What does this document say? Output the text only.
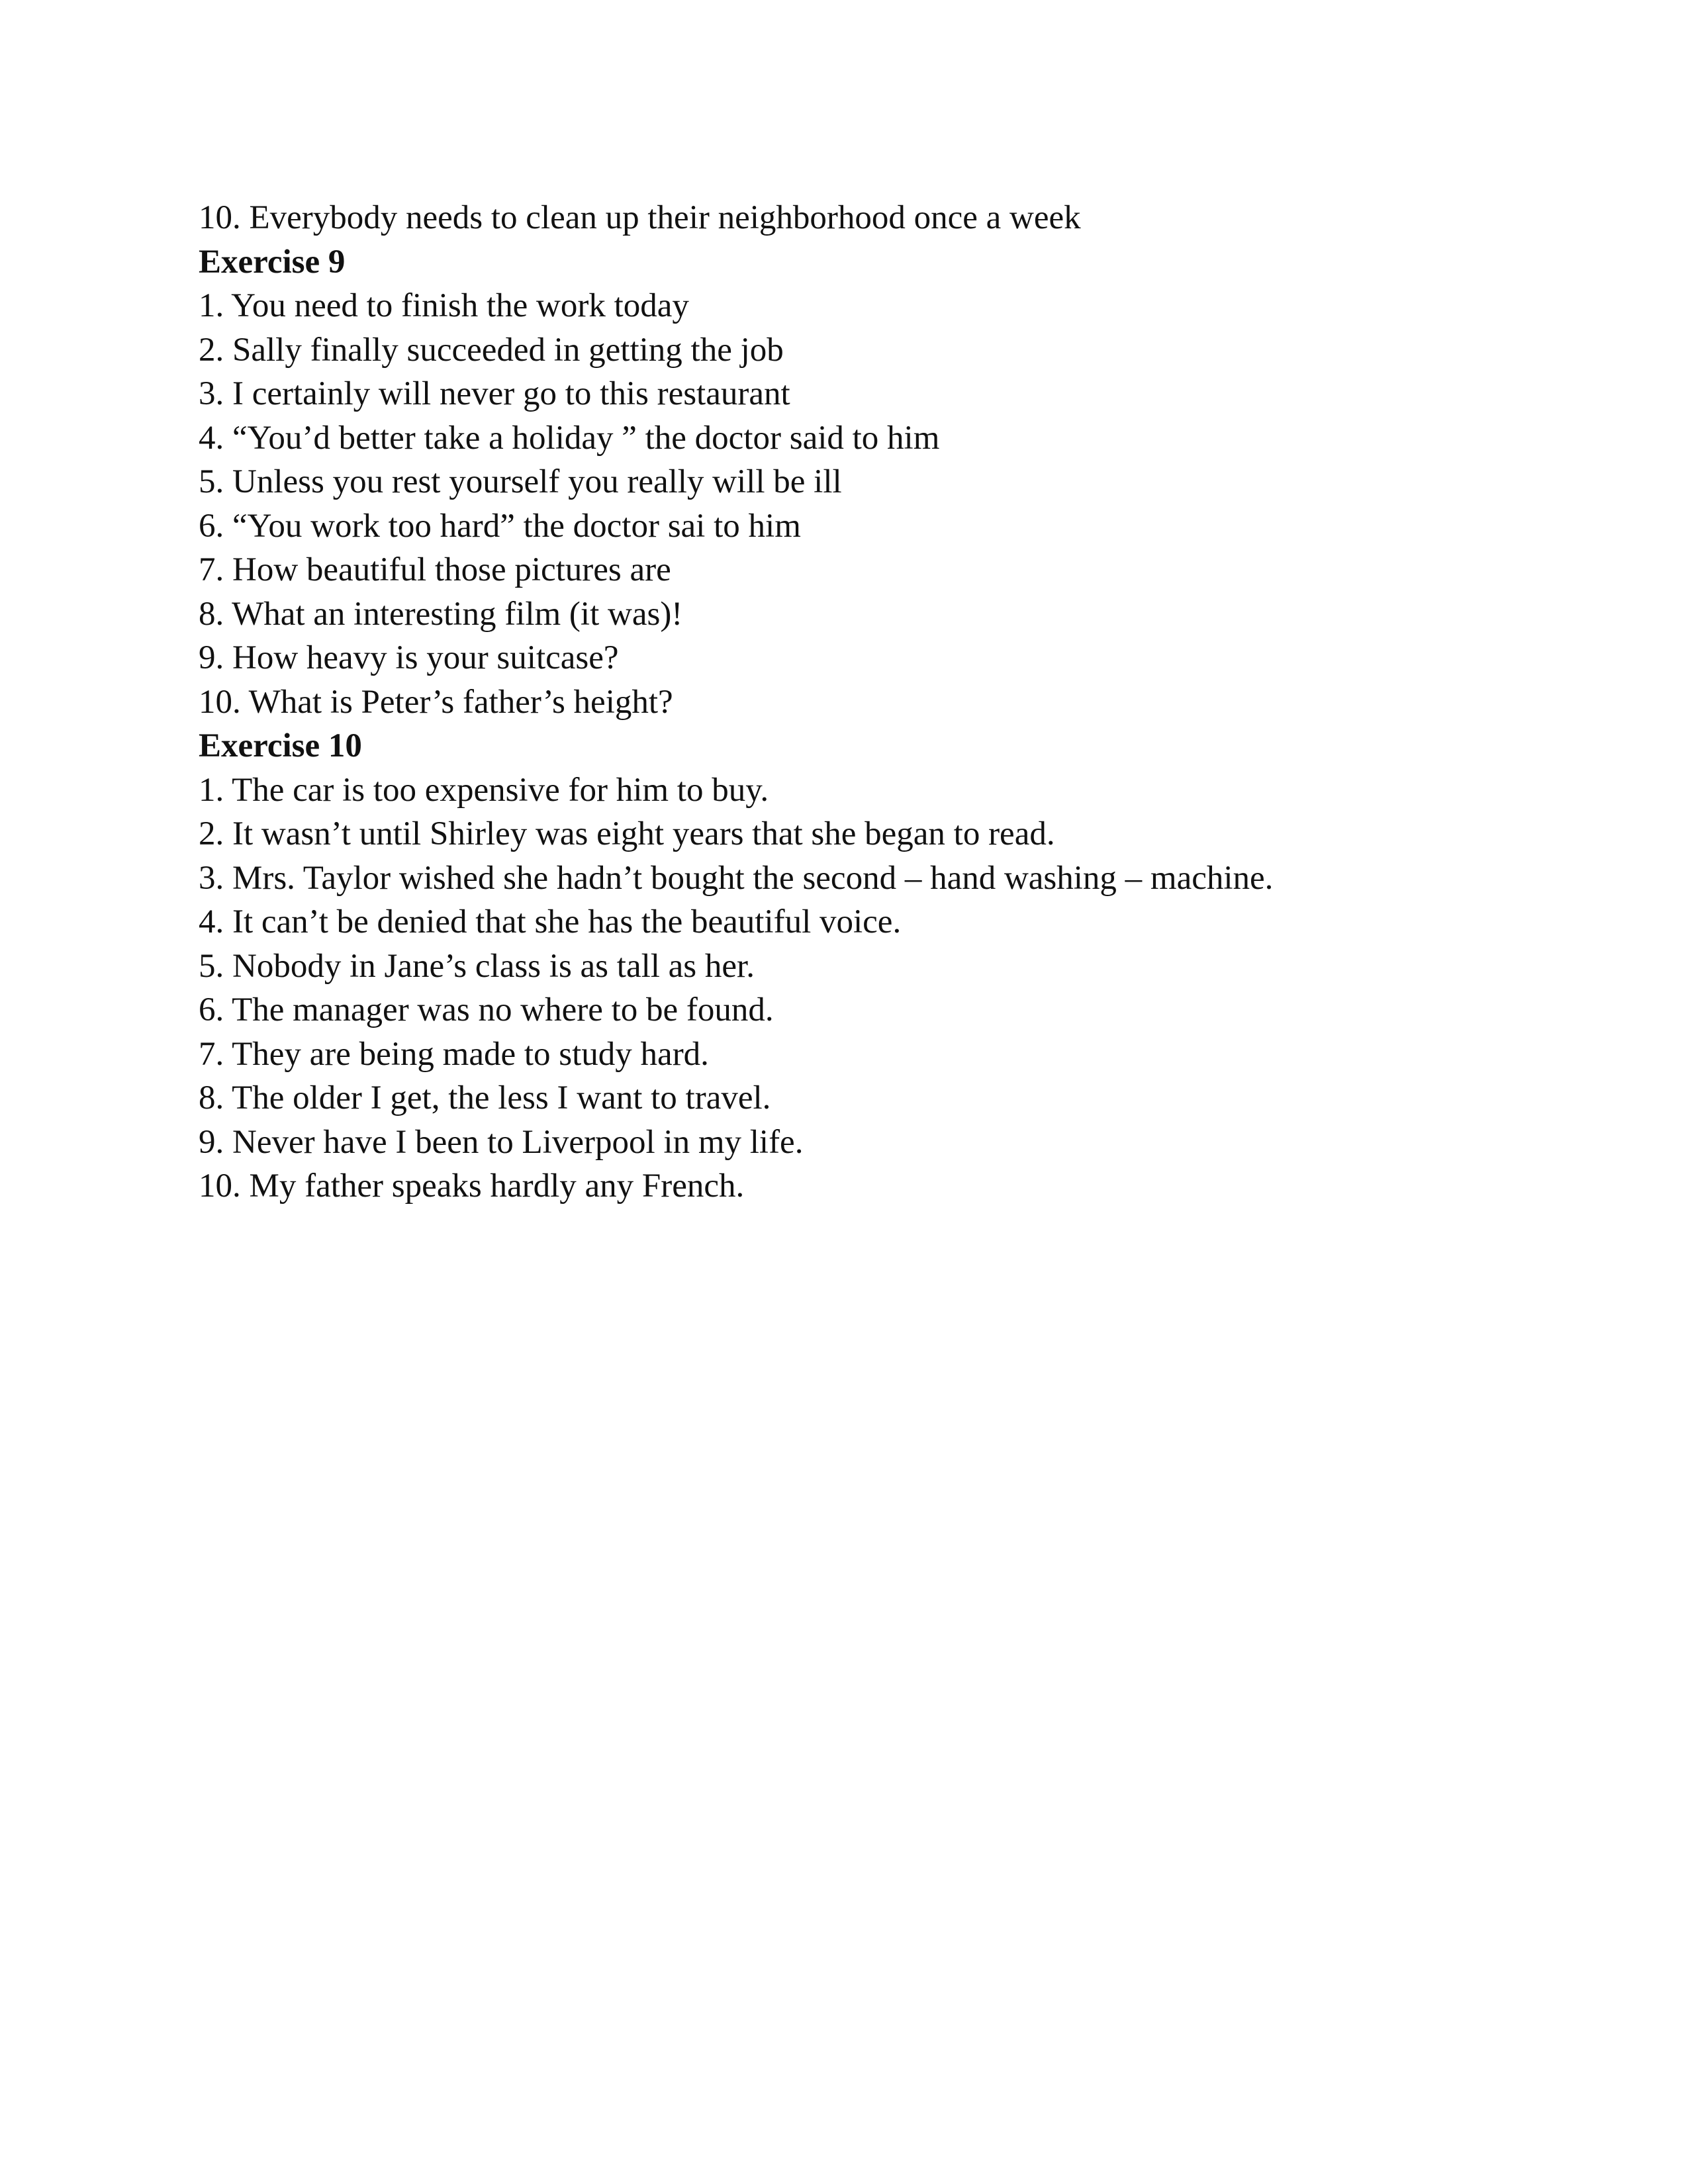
10. Everybody needs to clean up their neighborhood once a week
Exercise 9
1. You need to finish the work today
2. Sally finally succeeded in getting the job
3. I certainly will never go to this restaurant
4. “You’d better take a holiday ” the doctor said to him
5. Unless you rest yourself you really will be ill
6. “You work too hard” the doctor sai to him
7. How beautiful those pictures are
8. What an interesting film (it was)!
9. How heavy is your suitcase?
10. What is Peter’s father’s height?
Exercise 10
1. The car is too expensive for him to buy.
2. It wasn’t until Shirley was eight years that she began to read.
3. Mrs. Taylor wished she hadn’t bought the second – hand washing – machine.
4. It can’t be denied that she has the beautiful voice.
5. Nobody in Jane’s class is as tall as her.
6. The manager was no where to be found.
7. They are being made to study hard.
8. The older I get, the less I want to travel.
9. Never have I been to Liverpool in my life.
10. My father speaks hardly any French.
